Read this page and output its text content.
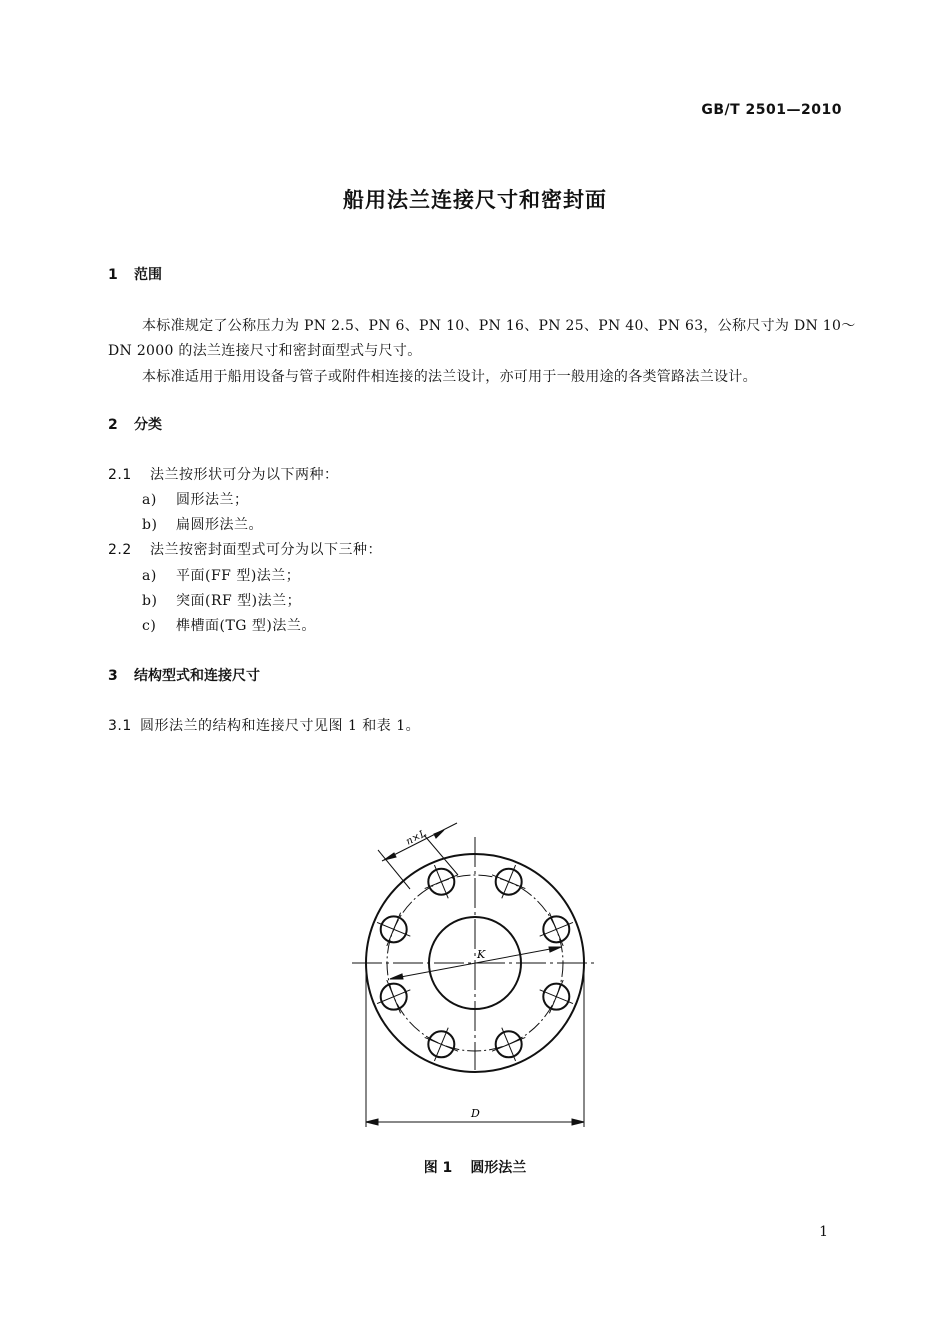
GB/T 2501—2010
船用法兰连接尺寸和密封面
1 范围
本标准规定了公称压力为 PN 2.5、PN 6、PN 10、PN 16、PN 25、PN 40、PN 63，公称尺寸为 DN 10～
DN 2000 的法兰连接尺寸和密封面型式与尺寸。
本标准适用于船用设备与管子或附件相连接的法兰设计，亦可用于一般用途的各类管路法兰设计。
2 分类
2.1 法兰按形状可分为以下两种：
a) 圆形法兰；
b) 扁圆形法兰。
2.2 法兰按密封面型式可分为以下三种：
a) 平面(FF 型)法兰；
b) 突面(RF 型)法兰；
c) 榫槽面(TG 型)法兰。
3 结构型式和连接尺寸
3.1 圆形法兰的结构和连接尺寸见图 1 和表 1。
n×L
K
D
图 1 圆形法兰
1
